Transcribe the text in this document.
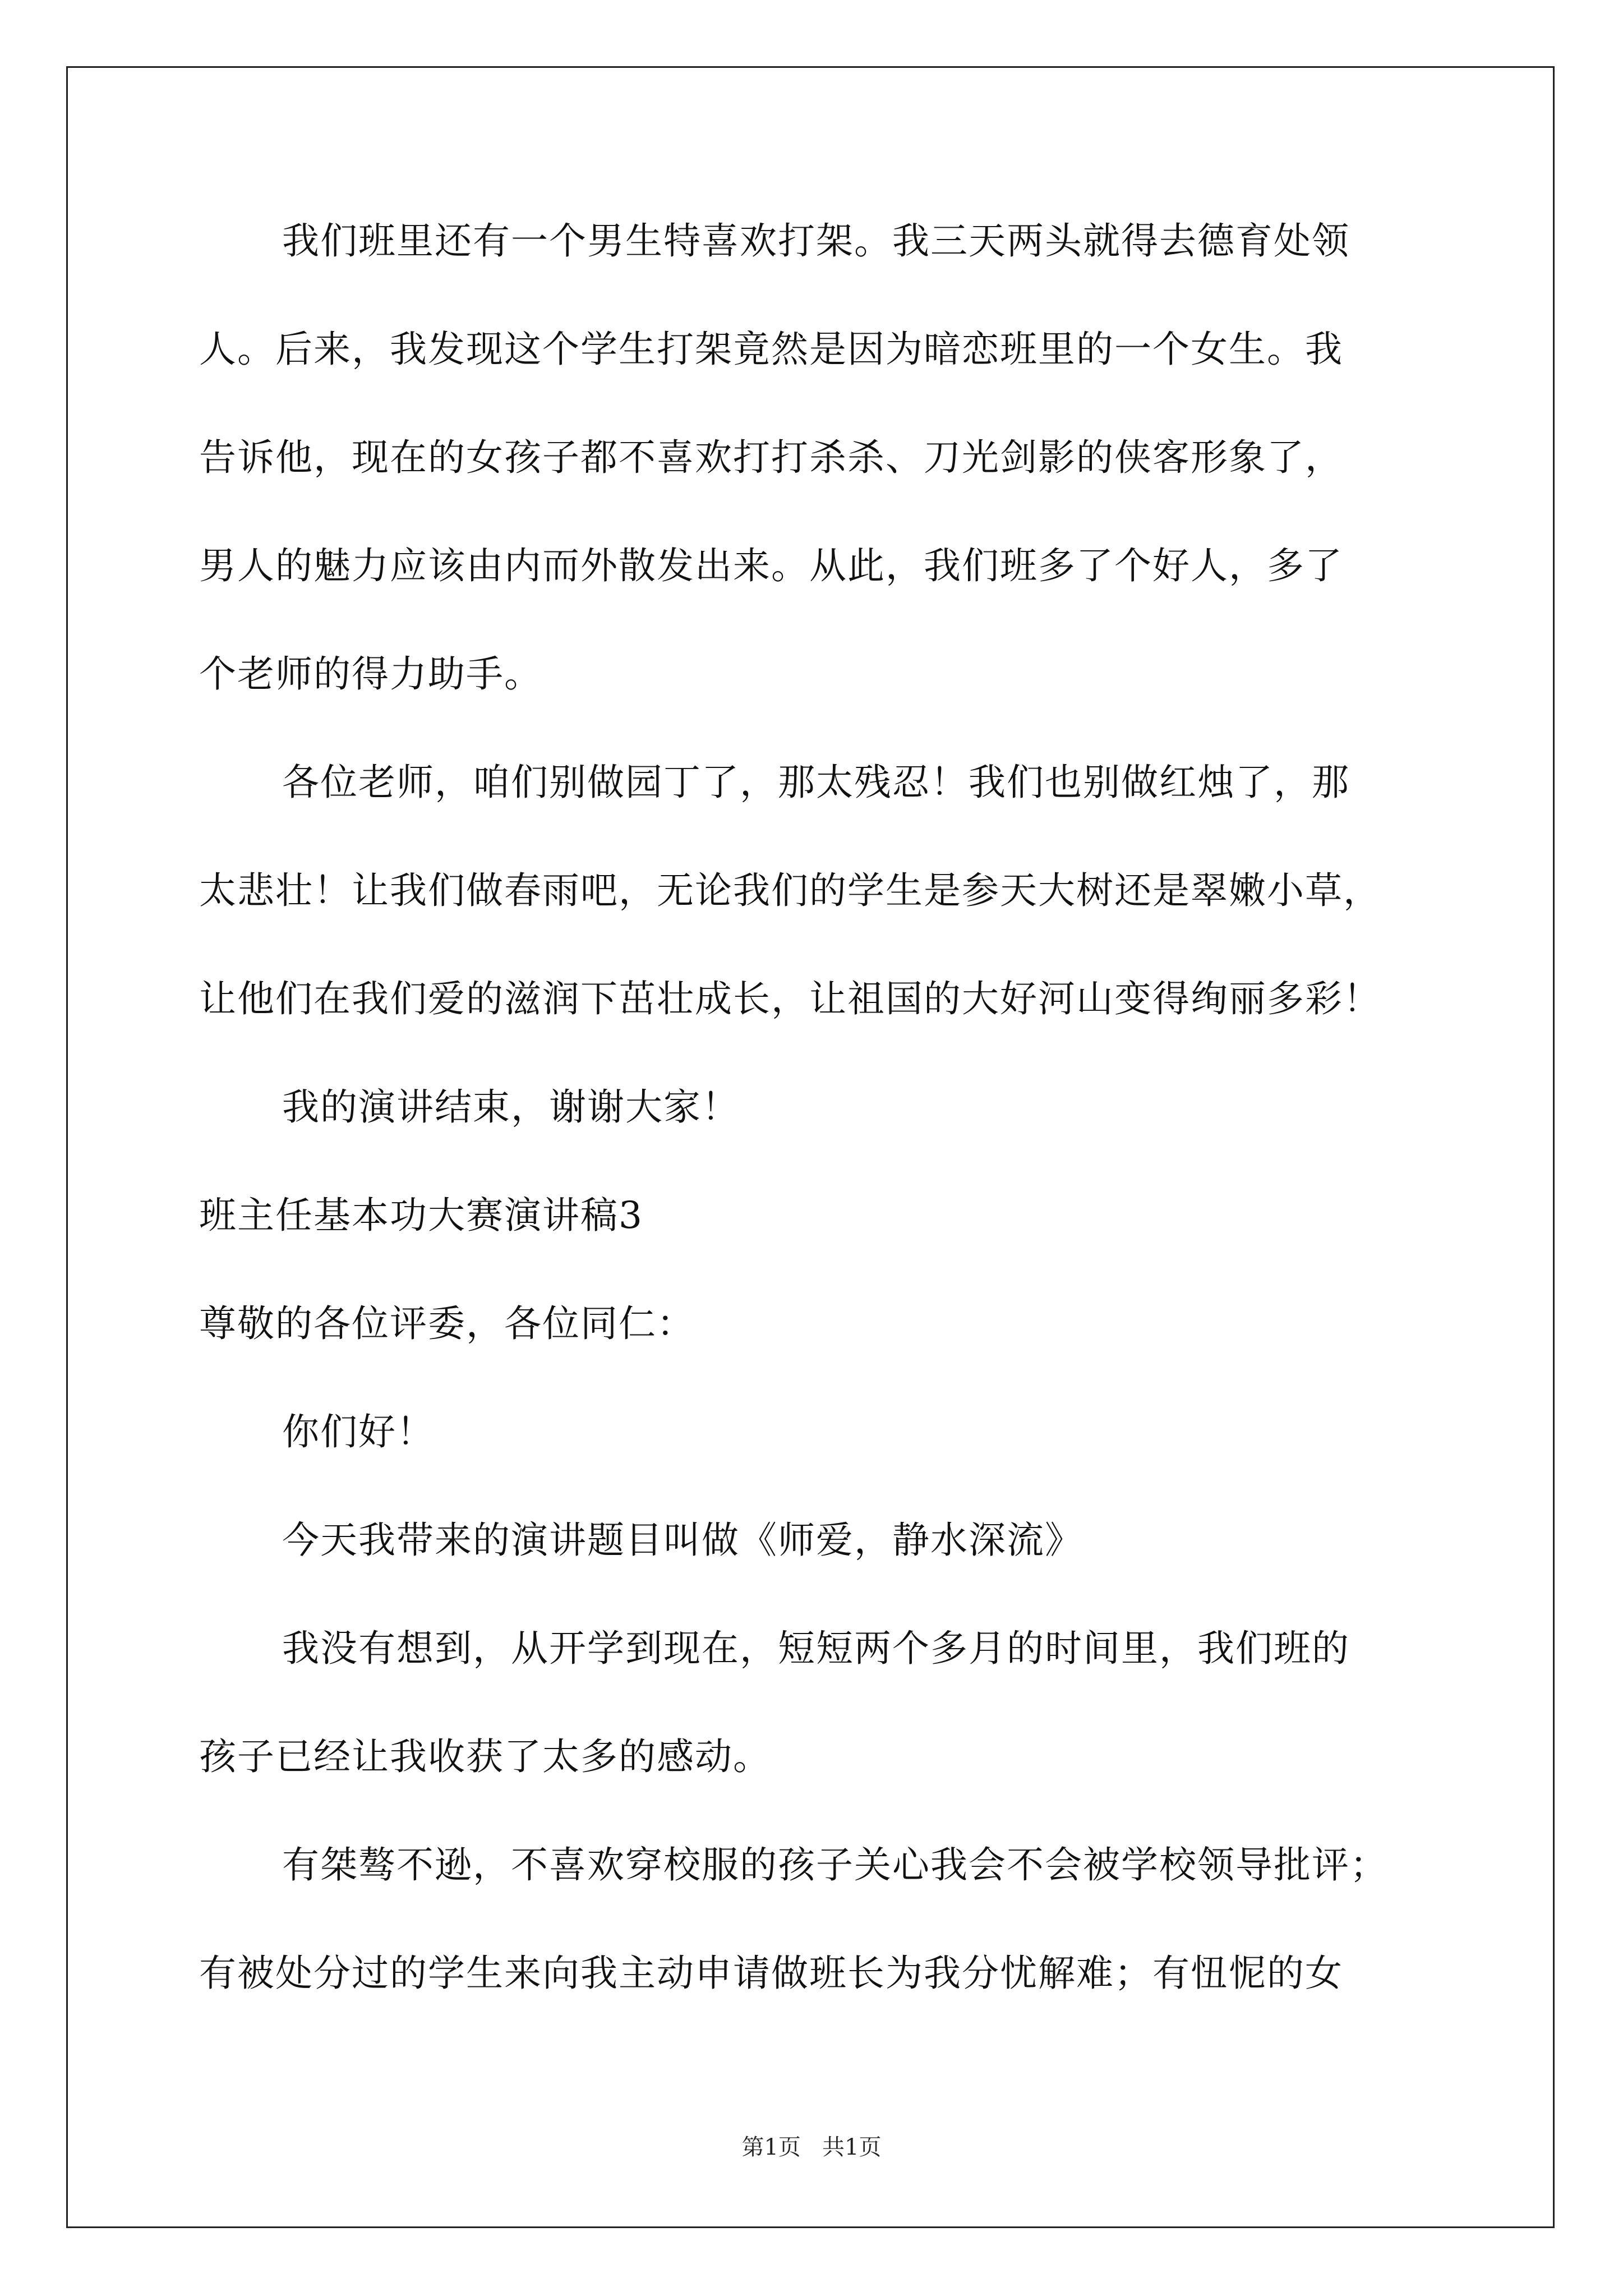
我们班里还有一个男生特喜欢打架。我三天两头就得去德育处领
人。后来，我发现这个学生打架竟然是因为暗恋班里的一个女生。我
告诉他，现在的女孩子都不喜欢打打杀杀、刀光剑影的侠客形象了，
男人的魅力应该由内而外散发出来。从此，我们班多了个好人，多了
个老师的得力助手。
各位老师，咱们别做园丁了，那太残忍！我们也别做红烛了，那
太悲壮！让我们做春雨吧，无论我们的学生是参天大树还是翠嫩小草，
让他们在我们爱的滋润下茁壮成长，让祖国的大好河山变得绚丽多彩！
我的演讲结束，谢谢大家！
班主任基本功大赛演讲稿3
尊敬的各位评委，各位同仁：
你们好！
今天我带来的演讲题目叫做《师爱，静水深流》
我没有想到，从开学到现在，短短两个多月的时间里，我们班的
孩子已经让我收获了太多的感动。
有桀骜不逊，不喜欢穿校服的孩子关心我会不会被学校领导批评；
有被处分过的学生来向我主动申请做班长为我分忧解难；有忸怩的女
第1页   共1页
